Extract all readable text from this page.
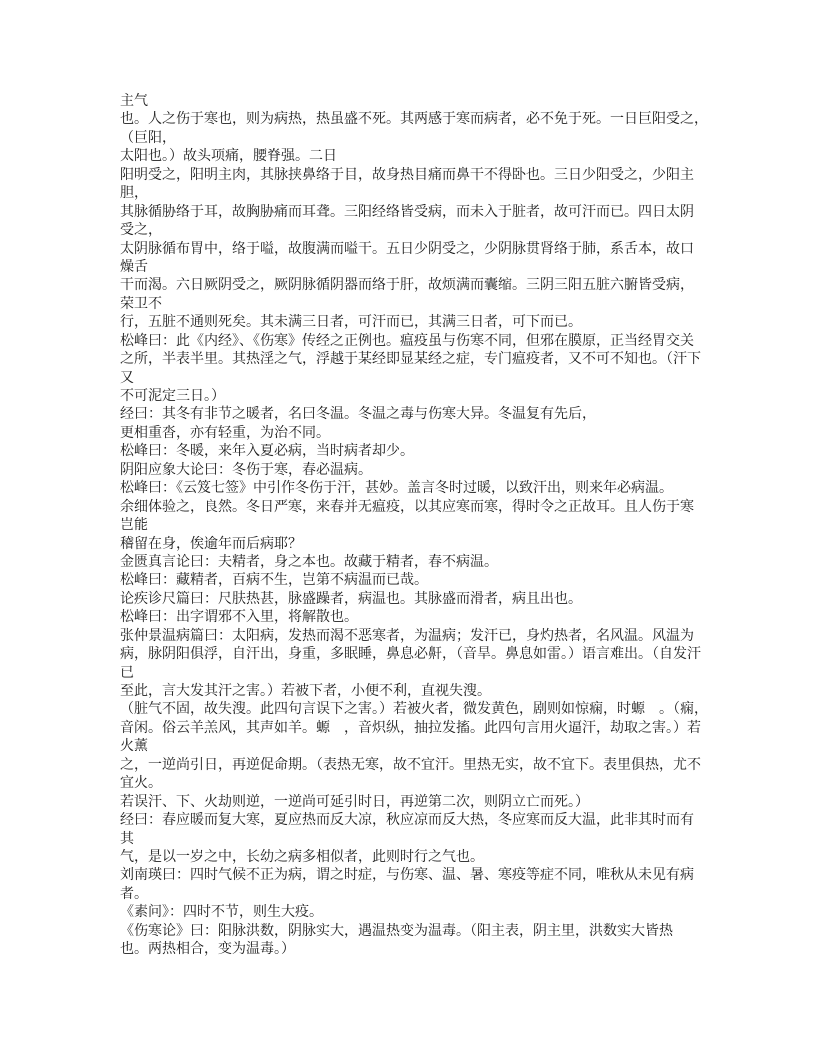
主气
也。人之伤于寒也，则为病热，热虽盛不死。其两感于寒而病者，必不免于死。一日巨阳受之，
（巨阳，
太阳也。）故头项痛，腰脊强。二日
阳明受之，阳明主肉，其脉挟鼻络于目，故身热目痛而鼻干不得卧也。三日少阳受之，少阳主
胆，
其脉循胁络于耳，故胸胁痛而耳聋。三阳经络皆受病，而未入于脏者，故可汗而已。四日太阴
受之，
太阴脉循布胃中，络于嗌，故腹满而嗌干。五日少阴受之，少阴脉贯肾络于肺，系舌本，故口
燥舌
干而渴。六日厥阴受之，厥阴脉循阴器而络于肝，故烦满而囊缩。三阴三阳五脏六腑皆受病，
荣卫不
行，五脏不通则死矣。其未满三日者，可汗而已，其满三日者，可下而已。
松峰曰：此《内经》、《伤寒》传经之正例也。瘟疫虽与伤寒不同，但邪在膜原，正当经胃交关
之所，半表半里。其热淫之气，浮越于某经即显某经之症，专门瘟疫者，又不可不知也。（汗下
又
不可泥定三日。）
经曰：其冬有非节之暖者，名曰冬温。冬温之毒与伤寒大异。冬温复有先后，
更相重沓，亦有轻重，为治不同。
松峰曰：冬暖，来年入夏必病，当时病者却少。
阴阳应象大论曰：冬伤于寒，春必温病。
松峰曰：《云笈七签》中引作冬伤于汗，甚妙。盖言冬时过暖，以致汗出，则来年必病温。
余细体验之，良然。冬日严寒，来春并无瘟疫，以其应寒而寒，得时令之正故耳。且人伤于寒
岂能
稽留在身，俟逾年而后病耶？
金匮真言论曰：夫精者，身之本也。故藏于精者，春不病温。
松峰曰：藏精者，百病不生，岂第不病温而已哉。
论疾诊尺篇曰：尺肤热甚，脉盛躁者，病温也。其脉盛而滑者，病且出也。
松峰曰：出字谓邪不入里，将解散也。
张仲景温病篇曰：太阳病，发热而渴不恶寒者，为温病；发汗已，身灼热者，名风温。风温为
病，脉阴阳俱浮，自汗出，身重，多眠睡，鼻息必鼾，（音旱。鼻息如雷。）语言难出。（自发汗
已
至此，言大发其汗之害。）若被下者，小便不利，直视失溲。
（脏气不固，故失溲。此四句言误下之害。）若被火者，微发黄色，剧则如惊痫，时螈　。（痫，
音闲。俗云羊羔风，其声如羊。螈　，音炽纵，抽拉发搐。此四句言用火逼汗，劫取之害。）若
火薰
之，一逆尚引日，再逆促命期。（表热无寒，故不宜汗。里热无实，故不宜下。表里俱热，尤不
宜火。
若误汗、下、火劫则逆，一逆尚可延引时日，再逆第二次，则阴立亡而死。）
经曰：春应暖而复大寒，夏应热而反大凉，秋应凉而反大热，冬应寒而反大温，此非其时而有
其
气，是以一岁之中，长幼之病多相似者，此则时行之气也。
刘南瑛曰：四时气候不正为病，谓之时症，与伤寒、温、暑、寒疫等症不同，唯秋从未见有病
者。
《素问》：四时不节，则生大疫。
《伤寒论》曰：阳脉洪数，阴脉实大，遇温热变为温毒。（阳主表，阴主里，洪数实大皆热
也。两热相合，变为温毒。）
